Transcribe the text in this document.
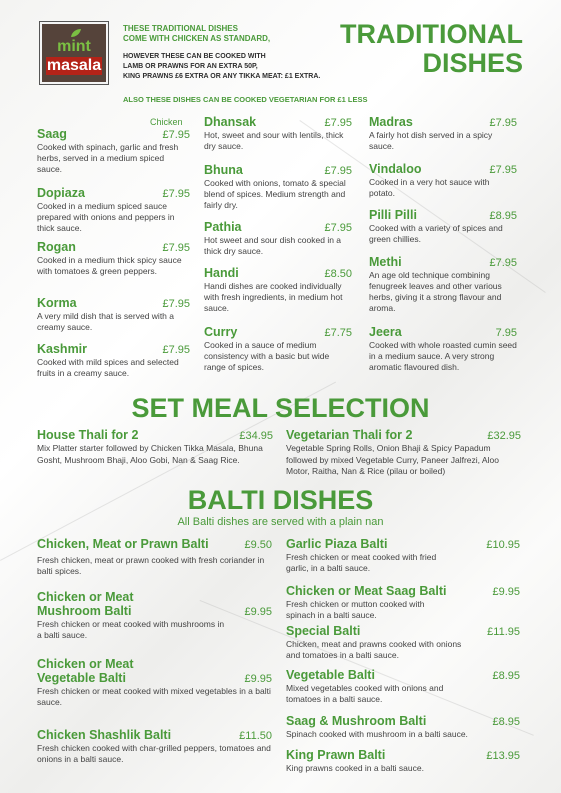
mint
masala
THESE TRADITIONAL DISHES
COME WITH CHICKEN AS STANDARD,
HOWEVER THESE CAN BE COOKED WITH
LAMB OR PRAWNS FOR AN EXTRA 50P,
KING PRAWNS £6 EXTRA OR ANY TIKKA MEAT: £1 EXTRA.
ALSO THESE DISHES CAN BE COOKED VEGETARIAN FOR £1 LESS
TRADITIONAL
DISHES
Chicken
Saag	£7.95
Cooked with spinach, garlic and fresh herbs, served in a medium spiced sauce.
Dopiaza	£7.95
Cooked in a medium spiced sauce prepared with onions and peppers in thick sauce.
Rogan	£7.95
Cooked in a medium thick spicy sauce with tomatoes & green peppers.
Korma	£7.95
A very mild dish that is served with a creamy sauce.
Kashmir	£7.95
Cooked with mild spices and selected fruits in a creamy sauce.
Dhansak	£7.95
Hot, sweet and sour with lentils, thick dry sauce.
Bhuna	£7.95
Cooked with onions, tomato & special blend of spices. Medium strength and fairly dry.
Pathia	£7.95
Hot sweet and sour dish cooked in a thick dry sauce.
Handi	£8.50
Handi dishes are cooked individually with fresh ingredients, in medium hot sauce.
Curry	£7.75
Cooked in a sauce of medium consistency with a basic but wide range of spices.
Madras	£7.95
A fairly hot dish served in a spicy sauce.
Vindaloo	£7.95
Cooked in a very hot sauce with potato.
Pilli Pilli	£8.95
Cooked with a variety of spices and green chillies.
Methi	£7.95
An age old technique combining fenugreek leaves and other various herbs, giving it a strong flavour and aroma.
Jeera	7.95
Cooked with whole roasted cumin seed in a medium sauce. A very strong aromatic flavoured dish.
SET MEAL SELECTION
House Thali for 2	£34.95
Mix Platter starter followed by Chicken Tikka Masala, Bhuna Gosht, Mushroom Bhaji, Aloo Gobi, Nan & Saag Rice.
Vegetarian Thali for 2	£32.95
Vegetable Spring Rolls, Onion Bhaji & Spicy Papadum followed by mixed Vegetable Curry, Paneer Jalfrezi, Aloo Motor, Raitha, Nan & Rice (pilau or boiled)
BALTI DISHES
All Balti dishes are served with a plain nan
Chicken, Meat or Prawn Balti	£9.50
Fresh chicken, meat or prawn cooked with fresh coriander in balti spices.
Chicken or Meat Mushroom Balti	£9.95
Fresh chicken or meat cooked with mushrooms in a balti sauce.
Chicken or Meat Vegetable Balti	£9.95
Fresh chicken or meat cooked with mixed vegetables in a balti sauce.
Chicken Shashlik Balti	£11.50
Fresh chicken cooked with char-grilled peppers, tomatoes and onions in a balti sauce.
Garlic Piaza Balti	£10.95
Fresh chicken or meat cooked with fried garlic, in a balti sauce.
Chicken or Meat Saag Balti	£9.95
Fresh chicken or mutton cooked with spinach in a balti sauce.
Special Balti	£11.95
Chicken, meat and prawns cooked with onions and tomatoes in a balti sauce.
Vegetable Balti	£8.95
Mixed vegetables cooked with onions and tomatoes in a balti sauce.
Saag & Mushroom Balti	£8.95
Spinach cooked with mushroom in a balti sauce.
King Prawn Balti	£13.95
King prawns cooked in a balti sauce.
